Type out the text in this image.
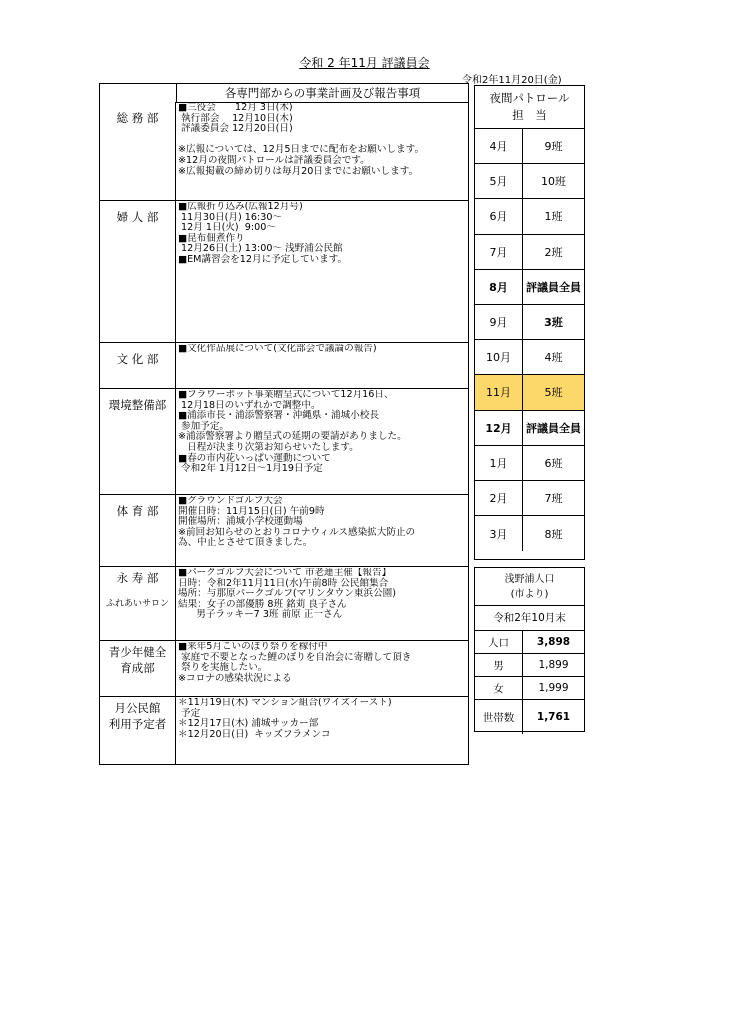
令和 2 年11月 評議員会
令和2年11月20日(金)
各専門部からの事業計画及び報告事項
総 務 部
■三役会　　12月 3日(木)
執行部会　 12月10日(木)
評議委員会 12月20日(日)

※広報については、12月5日までに配布をお願いします。
※12月の夜間パトロールは評議委員会です。
※広報掲載の締め切りは毎月20日までにお願いします。
婦 人 部
■広報折り込み(広報12月号)
11月30日(月) 16:30～
12月 1日(火)  9:00～
■昆布佃煮作り
12月26日(土) 13:00～ 浅野浦公民館
■EM講習会を12月に予定しています。
文 化 部
■文化作品展について(文化部会で議論の報告)
環境整備部
■フラワーポット事業贈呈式について12月16日、
12月18日のいずれかで調整中。
■浦添市長・浦添警察署・沖縄県・浦城小校長
参加予定。
※浦添警察署より贈呈式の延期の要請がありました。
日程が決まり次第お知らせいたします。
■春の市内花いっぱい運動について
令和2年 1月12日～1月19日予定
体 育 部
■グラウンドゴルフ大会
開催日時：11月15日(日) 午前9時
開催場所：浦城小学校運動場
※前回お知らせのとおりコロナウィルス感染拡大防止の
為、中止とさせて頂きました。
永 寿 部
ふれあいサロン
■パークゴルフ大会について 市老連主催【報告】
日時：令和2年11月11日(水)午前8時 公民館集合
場所：与那原パークゴルフ(マリンタウン東浜公園)
結果：女子の部優勝 8班 銘苅 良子さん
男子ラッキー7 3班 前原 正一さん
青少年健全
育成部
■来年5月こいのぼり祭りを稼付中
家庭で不要となった鯉のぼりを自治会に寄贈して頂き
祭りを実施したい。
※コロナの感染状況による
月公民館
利用予定者
＊11月19日(木) マンション組合(ワイズイースト)
予定
＊12月17日(木) 浦城サッカー部
＊12月20日(日)  キッズフラメンコ
夜間パトロール
担　当
4月	9班
5月	10班
6月	1班
7月	2班
8月	評議員全員
9月	3班
10月	4班
11月	5班
12月	評議員全員
1月	6班
2月	7班
3月	8班
浅野浦人口
(市より)
令和2年10月末
人口	3,898
男	1,899
女	1,999
世帯数	1,761
